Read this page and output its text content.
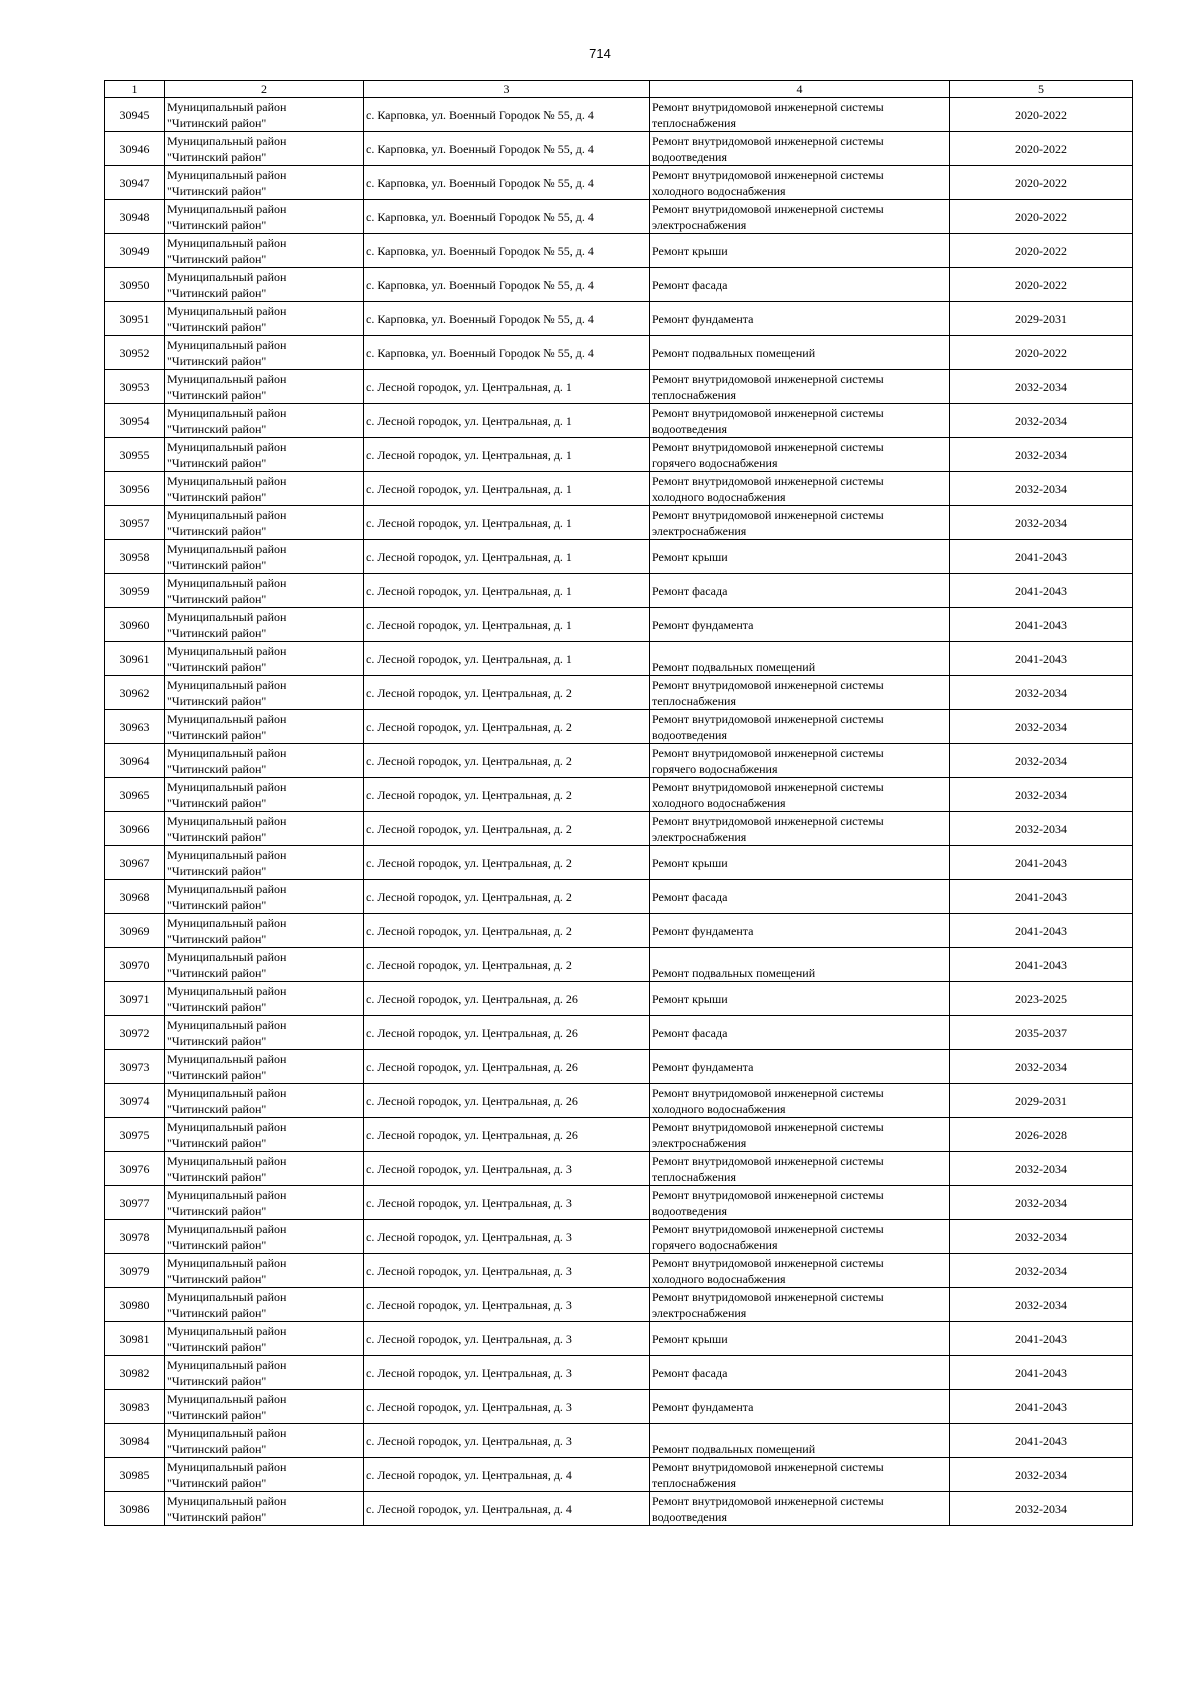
714
1	2	3	4	5
30945	Муниципальный район
"Читинский район"	с. Карповка, ул. Военный Городок № 55, д. 4	Ремонт внутридомовой инженерной системы
теплоснабжения	2020-2022
30946	Муниципальный район
"Читинский район"	с. Карповка, ул. Военный Городок № 55, д. 4	Ремонт внутридомовой инженерной системы
водоотведения	2020-2022
30947	Муниципальный район
"Читинский район"	с. Карповка, ул. Военный Городок № 55, д. 4	Ремонт внутридомовой инженерной системы
холодного водоснабжения	2020-2022
30948	Муниципальный район
"Читинский район"	с. Карповка, ул. Военный Городок № 55, д. 4	Ремонт внутридомовой инженерной системы
электроснабжения	2020-2022
30949	Муниципальный район
"Читинский район"	с. Карповка, ул. Военный Городок № 55, д. 4	Ремонт крыши	2020-2022
30950	Муниципальный район
"Читинский район"	с. Карповка, ул. Военный Городок № 55, д. 4	Ремонт фасада	2020-2022
30951	Муниципальный район
"Читинский район"	с. Карповка, ул. Военный Городок № 55, д. 4	Ремонт фундамента	2029-2031
30952	Муниципальный район
"Читинский район"	с. Карповка, ул. Военный Городок № 55, д. 4	Ремонт подвальных помещений	2020-2022
30953	Муниципальный район
"Читинский район"	с. Лесной городок, ул. Центральная, д. 1	Ремонт внутридомовой инженерной системы
теплоснабжения	2032-2034
30954	Муниципальный район
"Читинский район"	с. Лесной городок, ул. Центральная, д. 1	Ремонт внутридомовой инженерной системы
водоотведения	2032-2034
30955	Муниципальный район
"Читинский район"	с. Лесной городок, ул. Центральная, д. 1	Ремонт внутридомовой инженерной системы
горячего водоснабжения	2032-2034
30956	Муниципальный район
"Читинский район"	с. Лесной городок, ул. Центральная, д. 1	Ремонт внутридомовой инженерной системы
холодного водоснабжения	2032-2034
30957	Муниципальный район
"Читинский район"	с. Лесной городок, ул. Центральная, д. 1	Ремонт внутридомовой инженерной системы
электроснабжения	2032-2034
30958	Муниципальный район
"Читинский район"	с. Лесной городок, ул. Центральная, д. 1	Ремонт крыши	2041-2043
30959	Муниципальный район
"Читинский район"	с. Лесной городок, ул. Центральная, д. 1	Ремонт фасада	2041-2043
30960	Муниципальный район
"Читинский район"	с. Лесной городок, ул. Центральная, д. 1	Ремонт фундамента	2041-2043
30961	Муниципальный район
"Читинский район"	с. Лесной городок, ул. Центральная, д. 1	Ремонт подвальных помещений	2041-2043
30962	Муниципальный район
"Читинский район"	с. Лесной городок, ул. Центральная, д. 2	Ремонт внутридомовой инженерной системы
теплоснабжения	2032-2034
30963	Муниципальный район
"Читинский район"	с. Лесной городок, ул. Центральная, д. 2	Ремонт внутридомовой инженерной системы
водоотведения	2032-2034
30964	Муниципальный район
"Читинский район"	с. Лесной городок, ул. Центральная, д. 2	Ремонт внутридомовой инженерной системы
горячего водоснабжения	2032-2034
30965	Муниципальный район
"Читинский район"	с. Лесной городок, ул. Центральная, д. 2	Ремонт внутридомовой инженерной системы
холодного водоснабжения	2032-2034
30966	Муниципальный район
"Читинский район"	с. Лесной городок, ул. Центральная, д. 2	Ремонт внутридомовой инженерной системы
электроснабжения	2032-2034
30967	Муниципальный район
"Читинский район"	с. Лесной городок, ул. Центральная, д. 2	Ремонт крыши	2041-2043
30968	Муниципальный район
"Читинский район"	с. Лесной городок, ул. Центральная, д. 2	Ремонт фасада	2041-2043
30969	Муниципальный район
"Читинский район"	с. Лесной городок, ул. Центральная, д. 2	Ремонт фундамента	2041-2043
30970	Муниципальный район
"Читинский район"	с. Лесной городок, ул. Центральная, д. 2	Ремонт подвальных помещений	2041-2043
30971	Муниципальный район
"Читинский район"	с. Лесной городок, ул. Центральная, д. 26	Ремонт крыши	2023-2025
30972	Муниципальный район
"Читинский район"	с. Лесной городок, ул. Центральная, д. 26	Ремонт фасада	2035-2037
30973	Муниципальный район
"Читинский район"	с. Лесной городок, ул. Центральная, д. 26	Ремонт фундамента	2032-2034
30974	Муниципальный район
"Читинский район"	с. Лесной городок, ул. Центральная, д. 26	Ремонт внутридомовой инженерной системы
холодного водоснабжения	2029-2031
30975	Муниципальный район
"Читинский район"	с. Лесной городок, ул. Центральная, д. 26	Ремонт внутридомовой инженерной системы
электроснабжения	2026-2028
30976	Муниципальный район
"Читинский район"	с. Лесной городок, ул. Центральная, д. 3	Ремонт внутридомовой инженерной системы
теплоснабжения	2032-2034
30977	Муниципальный район
"Читинский район"	с. Лесной городок, ул. Центральная, д. 3	Ремонт внутридомовой инженерной системы
водоотведения	2032-2034
30978	Муниципальный район
"Читинский район"	с. Лесной городок, ул. Центральная, д. 3	Ремонт внутридомовой инженерной системы
горячего водоснабжения	2032-2034
30979	Муниципальный район
"Читинский район"	с. Лесной городок, ул. Центральная, д. 3	Ремонт внутридомовой инженерной системы
холодного водоснабжения	2032-2034
30980	Муниципальный район
"Читинский район"	с. Лесной городок, ул. Центральная, д. 3	Ремонт внутридомовой инженерной системы
электроснабжения	2032-2034
30981	Муниципальный район
"Читинский район"	с. Лесной городок, ул. Центральная, д. 3	Ремонт крыши	2041-2043
30982	Муниципальный район
"Читинский район"	с. Лесной городок, ул. Центральная, д. 3	Ремонт фасада	2041-2043
30983	Муниципальный район
"Читинский район"	с. Лесной городок, ул. Центральная, д. 3	Ремонт фундамента	2041-2043
30984	Муниципальный район
"Читинский район"	с. Лесной городок, ул. Центральная, д. 3	Ремонт подвальных помещений	2041-2043
30985	Муниципальный район
"Читинский район"	с. Лесной городок, ул. Центральная, д. 4	Ремонт внутридомовой инженерной системы
теплоснабжения	2032-2034
30986	Муниципальный район
"Читинский район"	с. Лесной городок, ул. Центральная, д. 4	Ремонт внутридомовой инженерной системы
водоотведения	2032-2034
